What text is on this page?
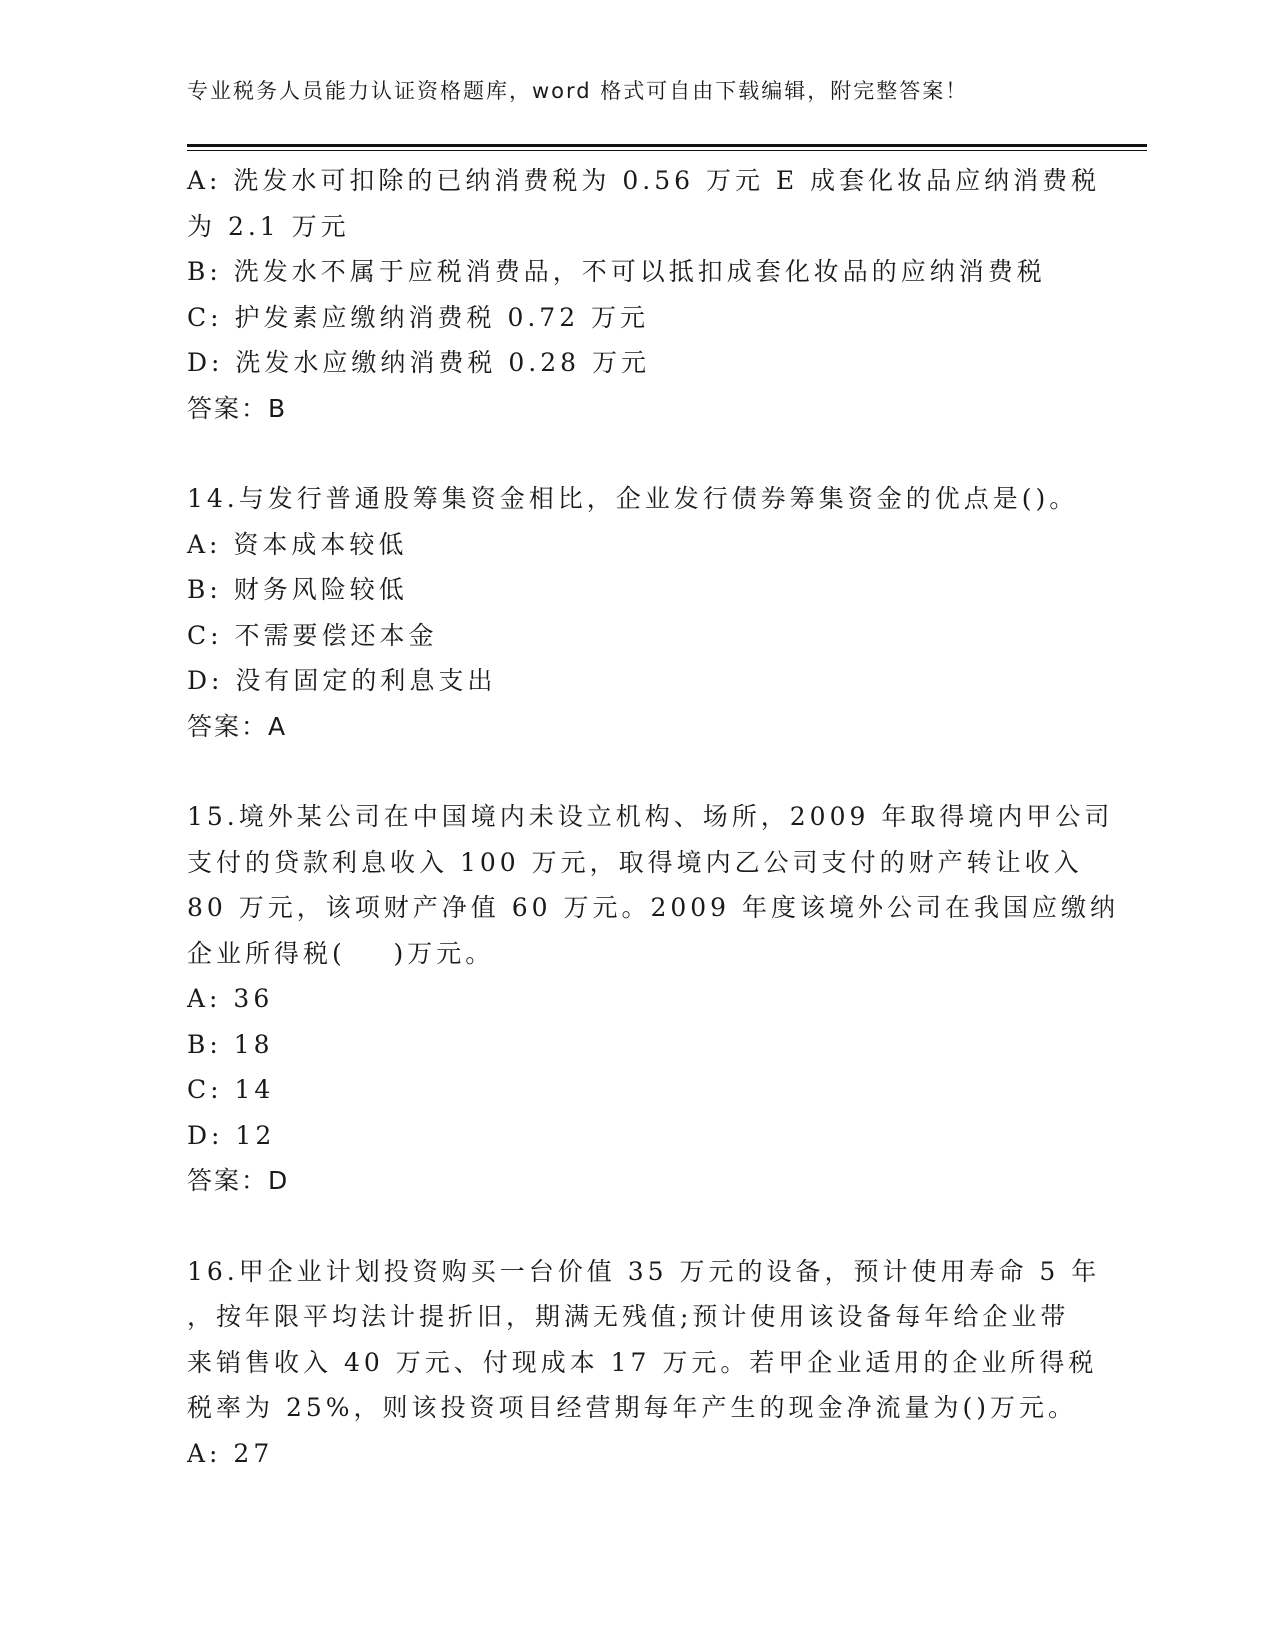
专业税务人员能力认证资格题库，word 格式可自由下载编辑，附完整答案！

A: 洗发水可扣除的已纳消费税为 0.56 万元 E 成套化妆品应纳消费税

为 2.1 万元

B: 洗发水不属于应税消费品，不可以抵扣成套化妆品的应纳消费税

C: 护发素应缴纳消费税 0.72 万元

D: 洗发水应缴纳消费税 0.28 万元

答案：B

14.与发行普通股筹集资金相比，企业发行债券筹集资金的优点是()。

A: 资本成本较低

B: 财务风险较低

C: 不需要偿还本金

D: 没有固定的利息支出

答案：A

15.境外某公司在中国境内未设立机构、场所，2009 年取得境内甲公司

支付的贷款利息收入 100 万元，取得境内乙公司支付的财产转让收入

80 万元，该项财产净值 60 万元。2009 年度该境外公司在我国应缴纳

企业所得税(    )万元。

A: 36

B: 18

C: 14

D: 12

答案：D

16.甲企业计划投资购买一台价值 35 万元的设备，预计使用寿命 5 年

，按年限平均法计提折旧，期满无残值;预计使用该设备每年给企业带

来销售收入 40 万元、付现成本 17 万元。若甲企业适用的企业所得税

税率为 25%，则该投资项目经营期每年产生的现金净流量为()万元。

A: 27
